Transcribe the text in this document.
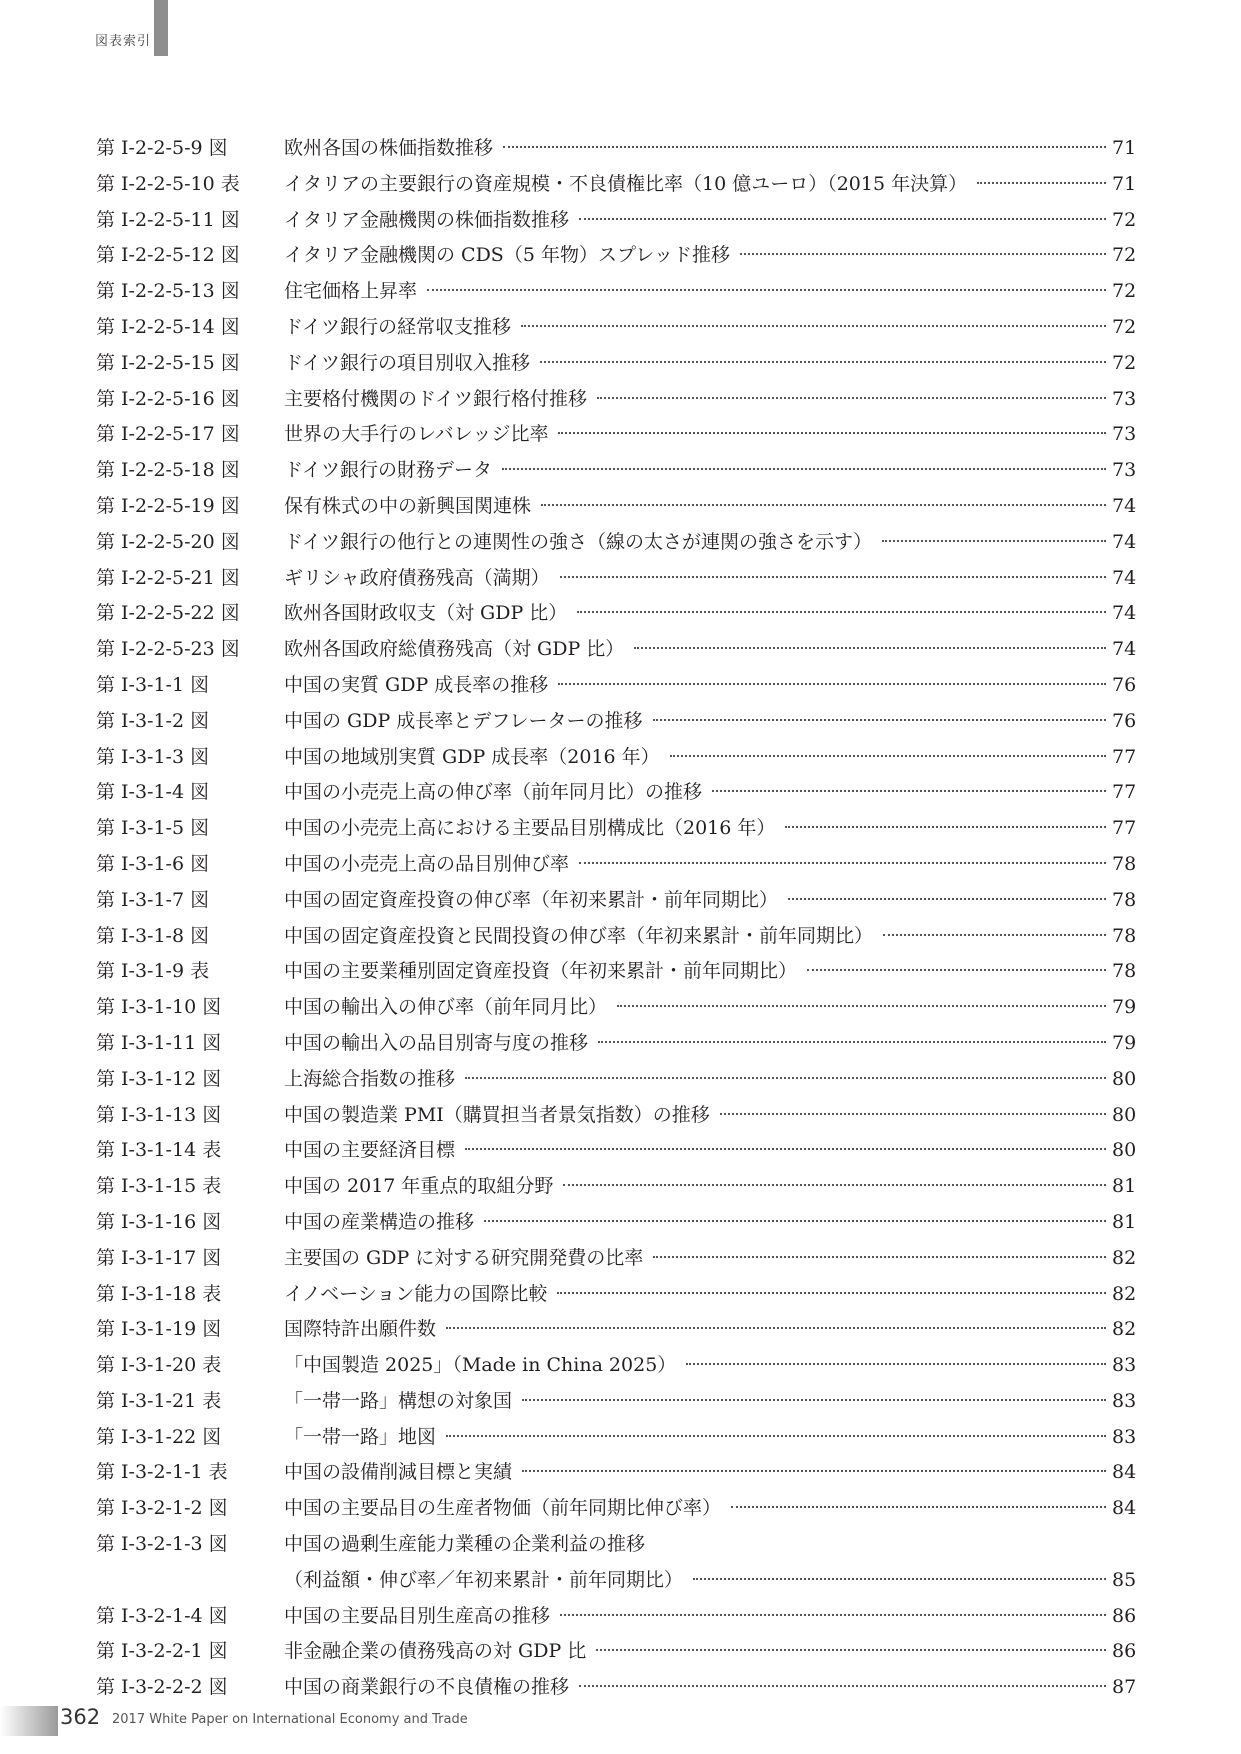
図表索引
第 I-2-2-5-9 図	欧州各国の株価指数推移	71
第 I-2-2-5-10 表	イタリアの主要銀行の資産規模・不良債権比率（10 億ユーロ）（2015 年決算）	71
第 I-2-2-5-11 図	イタリア金融機関の株価指数推移	72
第 I-2-2-5-12 図	イタリア金融機関の CDS（5 年物）スプレッド推移	72
第 I-2-2-5-13 図	住宅価格上昇率	72
第 I-2-2-5-14 図	ドイツ銀行の経常収支推移	72
第 I-2-2-5-15 図	ドイツ銀行の項目別収入推移	72
第 I-2-2-5-16 図	主要格付機関のドイツ銀行格付推移	73
第 I-2-2-5-17 図	世界の大手行のレバレッジ比率	73
第 I-2-2-5-18 図	ドイツ銀行の財務データ	73
第 I-2-2-5-19 図	保有株式の中の新興国関連株	74
第 I-2-2-5-20 図	ドイツ銀行の他行との連関性の強さ（線の太さが連関の強さを示す）	74
第 I-2-2-5-21 図	ギリシャ政府債務残高（満期）	74
第 I-2-2-5-22 図	欧州各国財政収支（対 GDP 比）	74
第 I-2-2-5-23 図	欧州各国政府総債務残高（対 GDP 比）	74
第 I-3-1-1 図	中国の実質 GDP 成長率の推移	76
第 I-3-1-2 図	中国の GDP 成長率とデフレーターの推移	76
第 I-3-1-3 図	中国の地域別実質 GDP 成長率（2016 年）	77
第 I-3-1-4 図	中国の小売売上高の伸び率（前年同月比）の推移	77
第 I-3-1-5 図	中国の小売売上高における主要品目別構成比（2016 年）	77
第 I-3-1-6 図	中国の小売売上高の品目別伸び率	78
第 I-3-1-7 図	中国の固定資産投資の伸び率（年初来累計・前年同期比）	78
第 I-3-1-8 図	中国の固定資産投資と民間投資の伸び率（年初来累計・前年同期比）	78
第 I-3-1-9 表	中国の主要業種別固定資産投資（年初来累計・前年同期比）	78
第 I-3-1-10 図	中国の輸出入の伸び率（前年同月比）	79
第 I-3-1-11 図	中国の輸出入の品目別寄与度の推移	79
第 I-3-1-12 図	上海総合指数の推移	80
第 I-3-1-13 図	中国の製造業 PMI（購買担当者景気指数）の推移	80
第 I-3-1-14 表	中国の主要経済目標	80
第 I-3-1-15 表	中国の 2017 年重点的取組分野	81
第 I-3-1-16 図	中国の産業構造の推移	81
第 I-3-1-17 図	主要国の GDP に対する研究開発費の比率	82
第 I-3-1-18 表	イノベーション能力の国際比較	82
第 I-3-1-19 図	国際特許出願件数	82
第 I-3-1-20 表	「中国製造 2025」（Made in China 2025）	83
第 I-3-1-21 表	「一帯一路」構想の対象国	83
第 I-3-1-22 図	「一帯一路」地図	83
第 I-3-2-1-1 表	中国の設備削減目標と実績	84
第 I-3-2-1-2 図	中国の主要品目の生産者物価（前年同期比伸び率）	84
第 I-3-2-1-3 図	中国の過剰生産能力業種の企業利益の推移
（利益額・伸び率／年初来累計・前年同期比）	85
第 I-3-2-1-4 図	中国の主要品目別生産高の推移	86
第 I-3-2-2-1 図	非金融企業の債務残高の対 GDP 比	86
第 I-3-2-2-2 図	中国の商業銀行の不良債権の推移	87
362 2017 White Paper on International Economy and Trade
